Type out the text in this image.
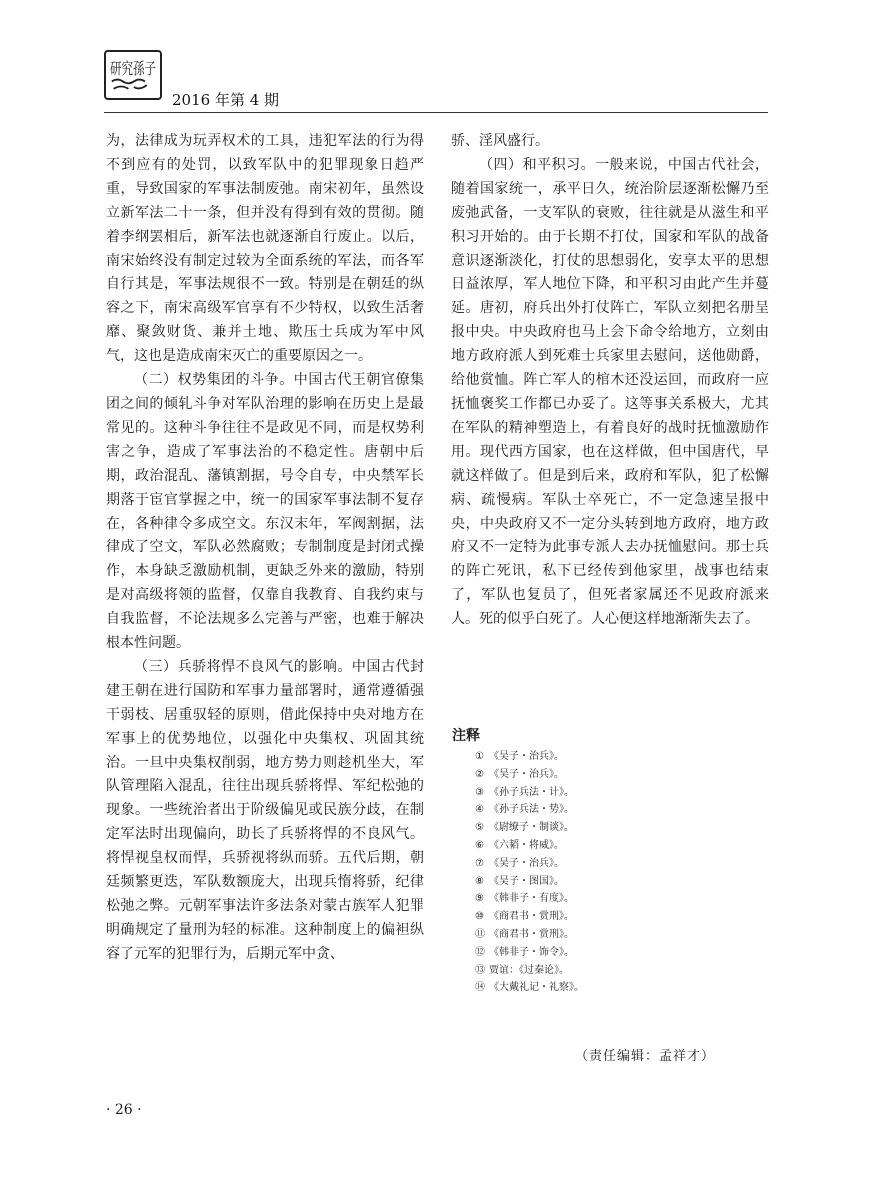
研究孫子
2016 年第 4 期

为，法律成为玩弄权术的工具，违犯军法的行为得不到应有的处罚，以致军队中的犯罪现象日趋严重，导致国家的军事法制废弛。南宋初年，虽然设立新军法二十一条，但并没有得到有效的贯彻。随着李纲罢相后，新军法也就逐渐自行废止。以后，南宋始终没有制定过较为全面系统的军法，而各军自行其是，军事法规很不一致。特别是在朝廷的纵容之下，南宋高级军官享有不少特权，以致生活奢靡、聚敛财货、兼并土地、欺压士兵成为军中风气，这也是造成南宋灭亡的重要原因之一。

（二）权势集团的斗争。中国古代王朝官僚集团之间的倾轧斗争对军队治理的影响在历史上是最常见的。这种斗争往往不是政见不同，而是权势利害之争，造成了军事法治的不稳定性。唐朝中后期，政治混乱、藩镇割据，号令自专，中央禁军长期落于宦官掌握之中，统一的国家军事法制不复存在，各种律令多成空文。东汉末年，军阀割据，法律成了空文，军队必然腐败；专制制度是封闭式操作，本身缺乏激励机制，更缺乏外来的激励，特别是对高级将领的监督，仅靠自我教育、自我约束与自我监督，不论法规多么完善与严密，也难于解决根本性问题。

（三）兵骄将悍不良风气的影响。中国古代封建王朝在进行国防和军事力量部署时，通常遵循强干弱枝、居重驭轻的原则，借此保持中央对地方在军事上的优势地位，以强化中央集权、巩固其统治。一旦中央集权削弱，地方势力则趁机坐大，军队管理陷入混乱，往往出现兵骄将悍、军纪松弛的现象。一些统治者出于阶级偏见或民族分歧，在制定军法时出现偏向，助长了兵骄将悍的不良风气。将悍视皇权而悍，兵骄视将纵而骄。五代后期，朝廷频繁更迭，军队数额庞大，出现兵惰将骄，纪律松弛之弊。元朝军事法许多法条对蒙古族军人犯罪明确规定了量刑为轻的标准。这种制度上的偏袒纵容了元军的犯罪行为，后期元军中贪、

骄、淫风盛行。

（四）和平积习。一般来说，中国古代社会，随着国家统一，承平日久，统治阶层逐渐松懈乃至废弛武备，一支军队的衰败，往往就是从滋生和平积习开始的。由于长期不打仗，国家和军队的战备意识逐渐淡化，打仗的思想弱化，安享太平的思想日益浓厚，军人地位下降，和平积习由此产生并蔓延。唐初，府兵出外打仗阵亡，军队立刻把名册呈报中央。中央政府也马上会下命令给地方，立刻由地方政府派人到死难士兵家里去慰问，送他勋爵，给他赏恤。阵亡军人的棺木还没运回，而政府一应抚恤褒奖工作都已办妥了。这等事关系极大，尤其在军队的精神塑造上，有着良好的战时抚恤激励作用。现代西方国家，也在这样做，但中国唐代，早就这样做了。但是到后来，政府和军队，犯了松懈病、疏慢病。军队士卒死亡，不一定急速呈报中央，中央政府又不一定分头转到地方政府，地方政府又不一定特为此事专派人去办抚恤慰问。那士兵的阵亡死讯，私下已经传到他家里，战事也结束了，军队也复员了，但死者家属还不见政府派来人。死的似乎白死了。人心便这样地渐渐失去了。

注释
① 《吴子・治兵》。
② 《吴子・治兵》。
③ 《孙子兵法・计》。
④ 《孙子兵法・势》。
⑤ 《尉缭子・制谈》。
⑥ 《六韬・将威》。
⑦ 《吴子・治兵》。
⑧ 《吴子・图国》。
⑨ 《韩非子・有度》。
⑩ 《商君书・赏刑》。
⑪ 《商君书・赏刑》。
⑫ 《韩非子・饰令》。
⑬ 贾谊：《过秦论》。
⑭ 《大戴礼记・礼察》。
（责任编辑：孟祥才）
· 26 ·
